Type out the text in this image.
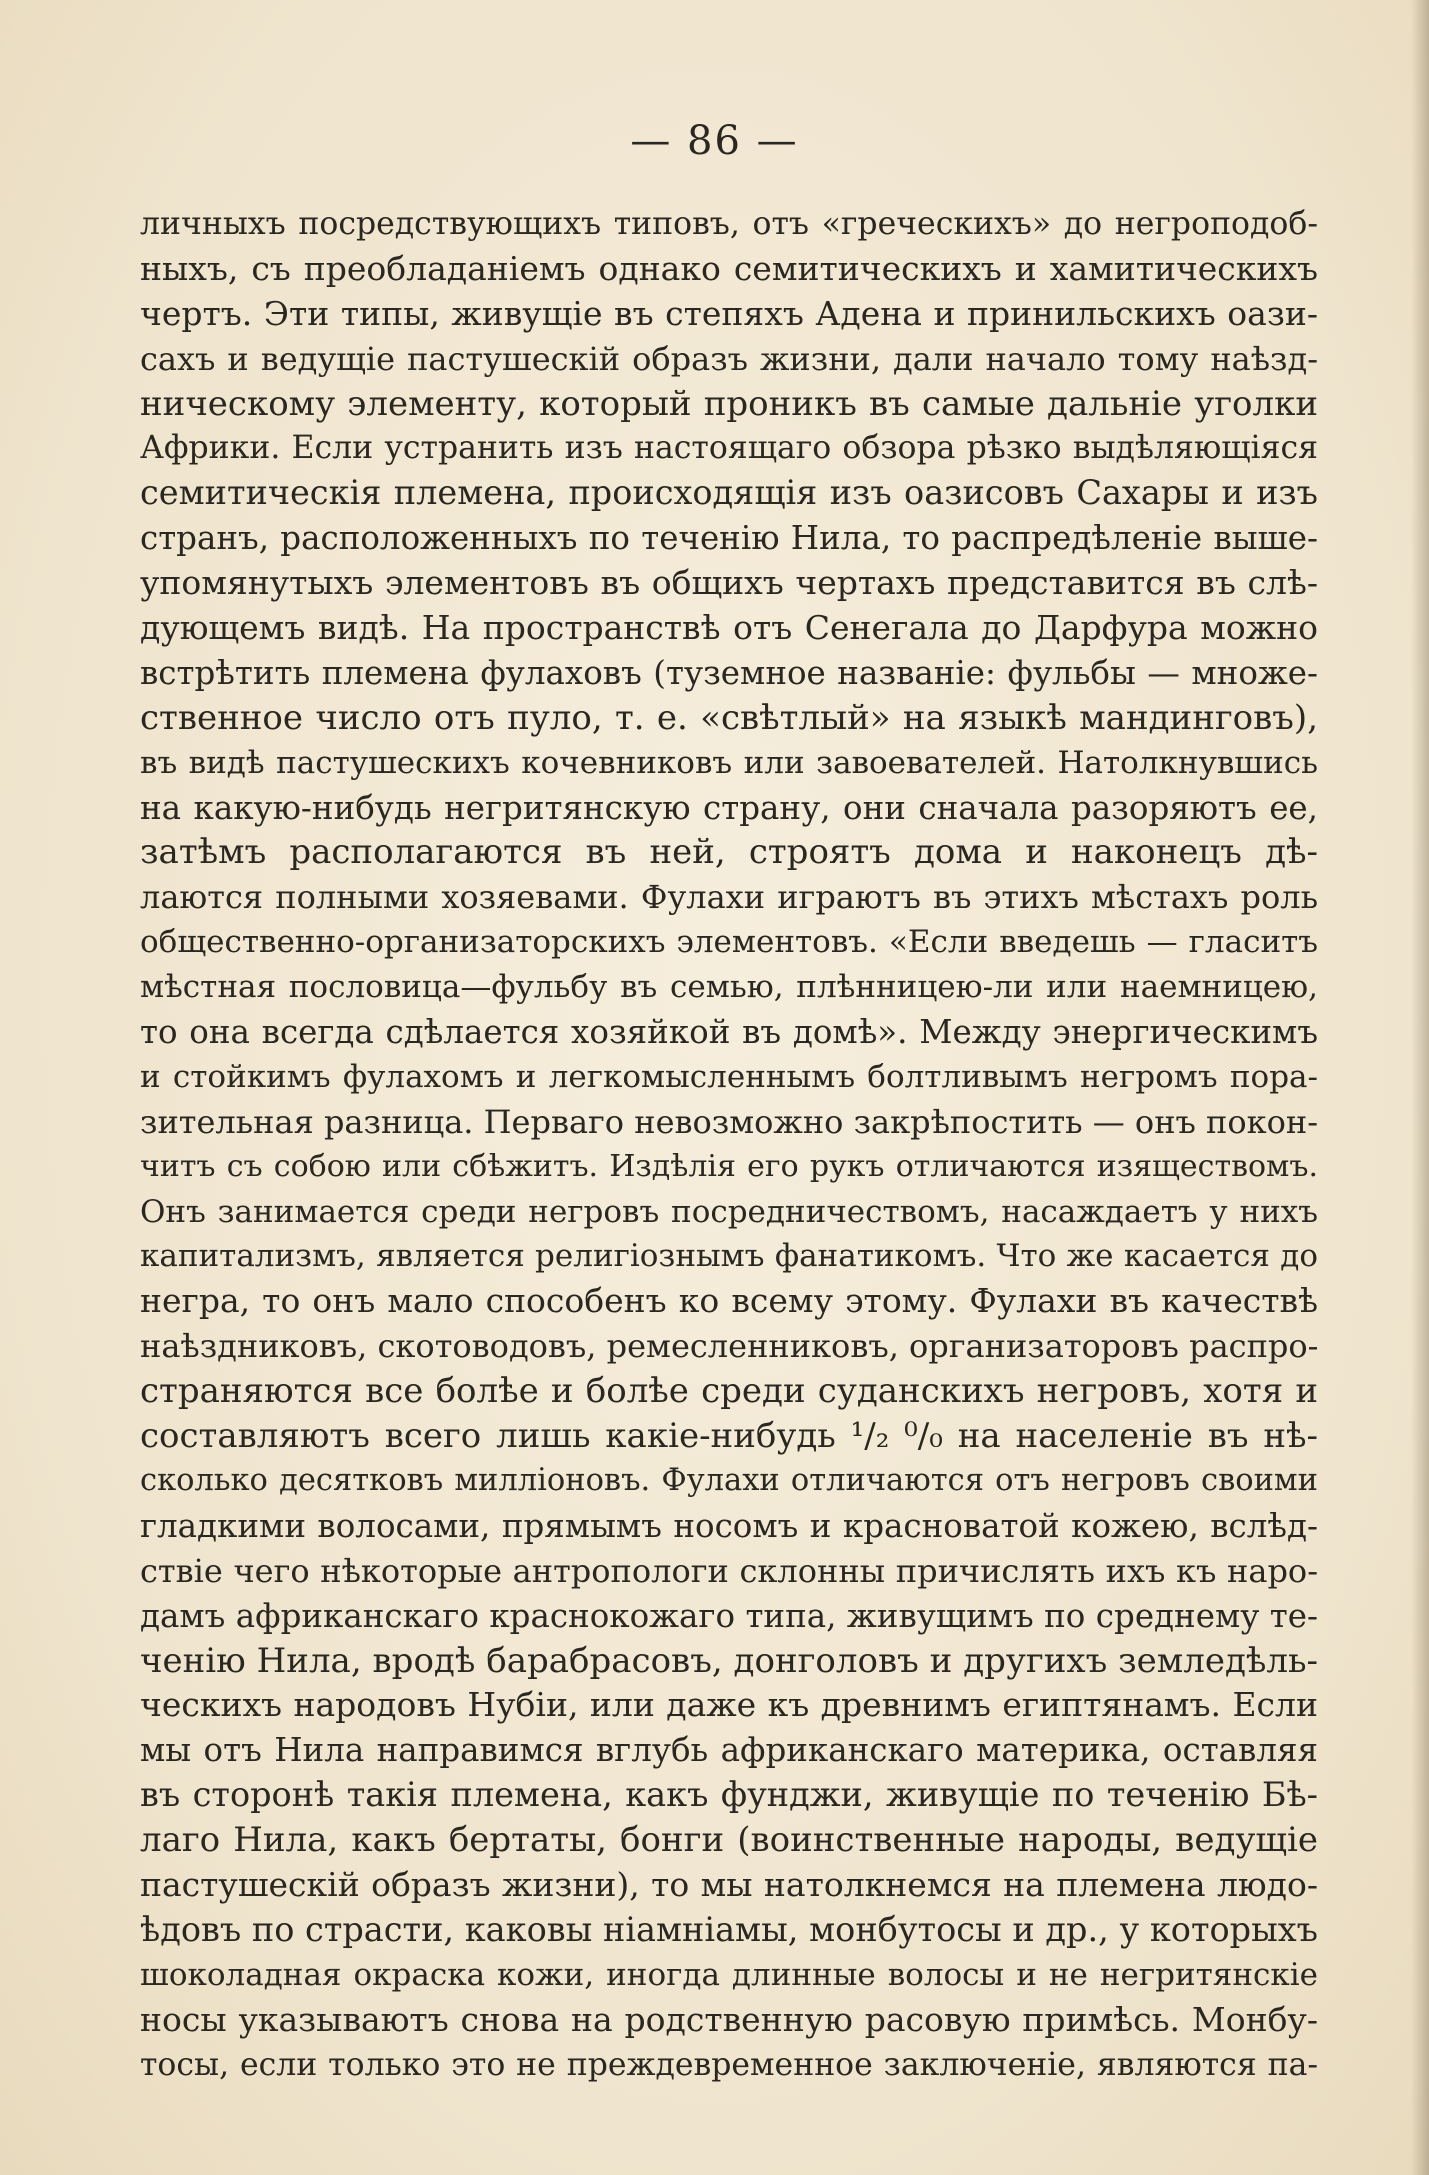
— 86 —
личныхъ посредствующихъ типовъ, отъ «греческихъ» до негроподоб-
ныхъ, съ преобладаніемъ однако семитическихъ и хамитическихъ
чертъ. Эти типы, живущіе въ степяхъ Адена и принильскихъ оази-
сахъ и ведущіе пастушескій образъ жизни, дали начало тому наѣзд-
ническому элементу, который проникъ въ самые дальніе уголки
Африки. Если устранить изъ настоящаго обзора рѣзко выдѣляющіяся
семитическія племена, происходящія изъ оазисовъ Сахары и изъ
странъ, расположенныхъ по теченію Нила, то распредѣленіе выше-
упомянутыхъ элементовъ въ общихъ чертахъ представится въ слѣ-
дующемъ видѣ. На пространствѣ отъ Сенегала до Дарфура можно
встрѣтить племена фулаховъ (туземное названіе: фульбы — множе-
ственное число отъ пуло, т. е. «свѣтлый» на языкѣ мандинговъ),
въ видѣ пастушескихъ кочевниковъ или завоевателей. Натолкнувшись
на какую-нибудь негритянскую страну, они сначала разоряютъ ее,
затѣмъ располагаются въ ней, строятъ дома и наконецъ дѣ-
лаются полными хозяевами. Фулахи играютъ въ этихъ мѣстахъ роль
общественно-организаторскихъ элементовъ. «Если введешь — гласитъ
мѣстная пословица—фульбу въ семью, плѣнницею-ли или наемницею,
то она всегда сдѣлается хозяйкой въ домѣ». Между энергическимъ
и стойкимъ фулахомъ и легкомысленнымъ болтливымъ негромъ пора-
зительная разница. Перваго невозможно закрѣпостить — онъ покон-
читъ съ собою или сбѣжитъ. Издѣлія его рукъ отличаются изяществомъ.
Онъ занимается среди негровъ посредничествомъ, насаждаетъ у нихъ
капитализмъ, является религіознымъ фанатикомъ. Что же касается до
негра, то онъ мало способенъ ко всему этому. Фулахи въ качествѣ
наѣздниковъ, скотоводовъ, ремесленниковъ, организаторовъ распро-
страняются все болѣе и болѣе среди суданскихъ негровъ, хотя и
составляютъ всего лишь какіе-нибудь ¹/₂ ⁰/₀ на населеніе въ нѣ-
сколько десятковъ милліоновъ. Фулахи отличаются отъ негровъ своими
гладкими волосами, прямымъ носомъ и красноватой кожею, вслѣд-
ствіе чего нѣкоторые антропологи склонны причислять ихъ къ наро-
дамъ африканскаго краснокожаго типа, живущимъ по среднему те-
ченію Нила, вродѣ барабрасовъ, донголовъ и другихъ земледѣль-
ческихъ народовъ Нубіи, или даже къ древнимъ египтянамъ. Если
мы отъ Нила направимся вглубь африканскаго материка, оставляя
въ сторонѣ такія племена, какъ фунджи, живущіе по теченію Бѣ-
лаго Нила, какъ бертаты, бонги (воинственные народы, ведущіе
пастушескій образъ жизни), то мы натолкнемся на племена людо-
ѣдовъ по страсти, каковы ніамніамы, монбутосы и др., у которыхъ
шоколадная окраска кожи, иногда длинные волосы и не негритянскіе
носы указываютъ снова на родственную расовую примѣсь. Монбу-
тосы, если только это не преждевременное заключеніе, являются па-
